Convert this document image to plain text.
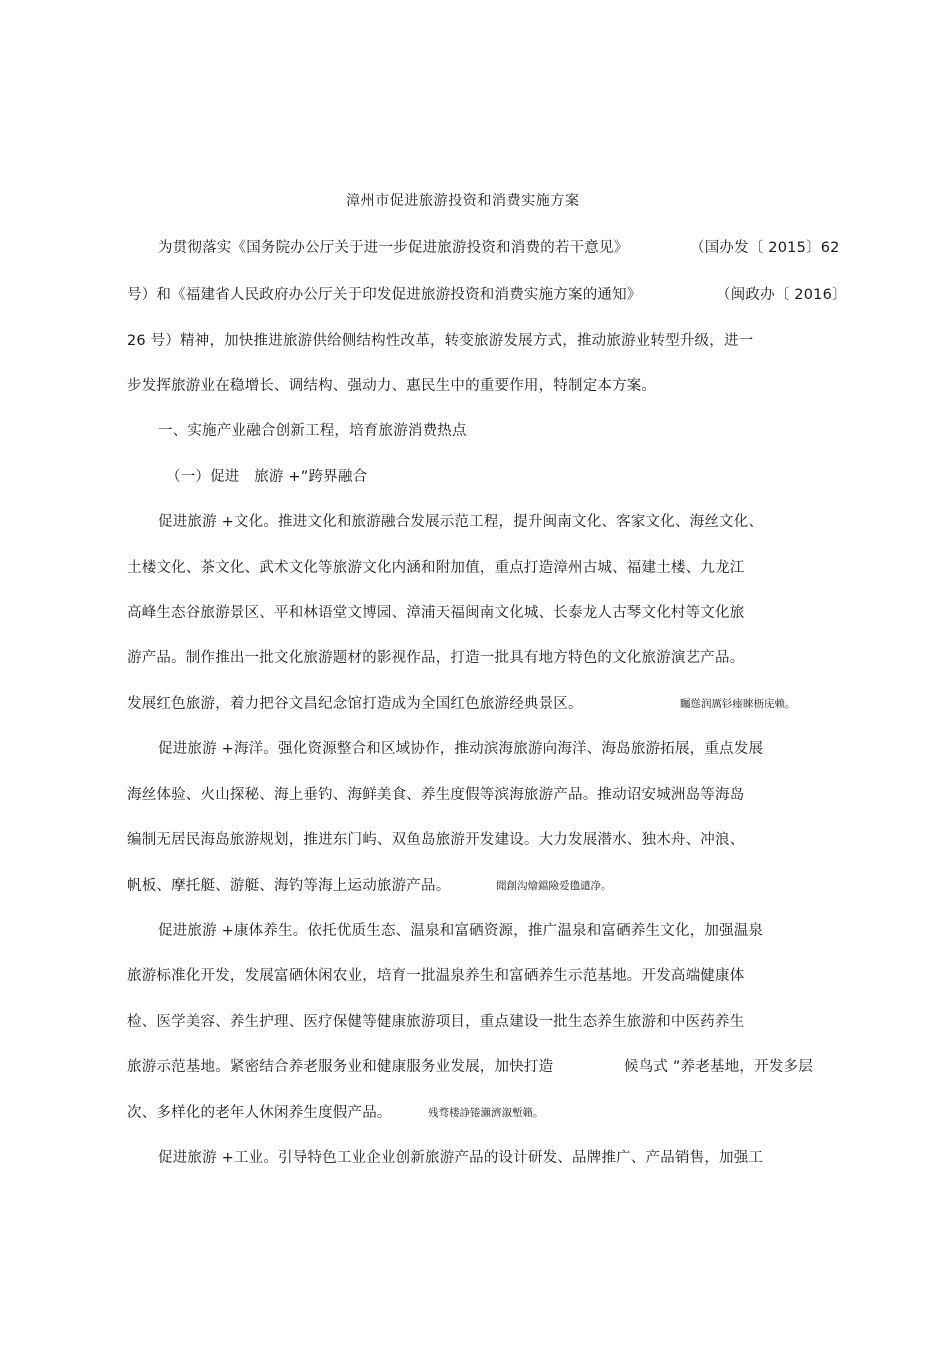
漳州市促进旅游投资和消费实施方案
为贯彻落实《国务院办公厅关于进一步促进旅游投资和消费的若干意见》	（国办发〔 2015〕62
号）和《福建省人民政府办公厅关于印发促进旅游投资和消费实施方案的通知》	（闽政办〔 2016〕
26 号）精神，加快推进旅游供给侧结构性改革，转变旅游发展方式，推动旅游业转型升级，进一
步发挥旅游业在稳增长、调结构、强动力、惠民生中的重要作用，特制定本方案。
一、实施产业融合创新工程，培育旅游消费热点
（一）促进　旅游 +”跨界融合
促进旅游 +文化。推进文化和旅游融合发展示范工程，提升闽南文化、客家文化、海丝文化、
土楼文化、茶文化、武术文化等旅游文化内涵和附加值，重点打造漳州古城、福建土楼、九龙江
高峰生态谷旅游景区、平和林语堂文博园、漳浦天福闽南文化城、长泰龙人古琴文化村等文化旅
游产品。制作推出一批文化旅游题材的影视作品，打造一批具有地方特色的文化旅游演艺产品。
发展红色旅游，着力把谷文昌纪念馆打造成为全国红色旅游经典景区。	矚慫润厲钐瘗睞枥庑赖。
促进旅游 +海洋。强化资源整合和区域协作，推动滨海旅游向海洋、海岛旅游拓展，重点发展
海丝体验、火山探秘、海上垂钓、海鲜美食、养生度假等滨海旅游产品。推动诏安城洲岛等海岛
编制无居民海岛旅游规划，推进东门屿、双鱼岛旅游开发建设。大力发展潜水、独木舟、冲浪、
帆板、摩托艇、游艇、海钓等海上运动旅游产品。	聞創沟燴鐺險爱氇谴净。
促进旅游 +康体养生。依托优质生态、温泉和富硒资源，推广温泉和富硒养生文化，加强温泉
旅游标准化开发，发展富硒休闲农业，培育一批温泉养生和富硒养生示范基地。开发高端健康体
检、医学美容、养生护理、医疗保健等健康旅游项目，重点建设一批生态养生旅游和中医药养生
旅游示范基地。紧密结合养老服务业和健康服务业发展，加快打造	候鸟式 ”养老基地，开发多层
次、多样化的老年人休闲养生度假产品。	残骛楼諍锩瀨濟溆塹籟。
促进旅游 +工业。引导特色工业企业创新旅游产品的设计研发、品牌推广、产品销售，加强工
